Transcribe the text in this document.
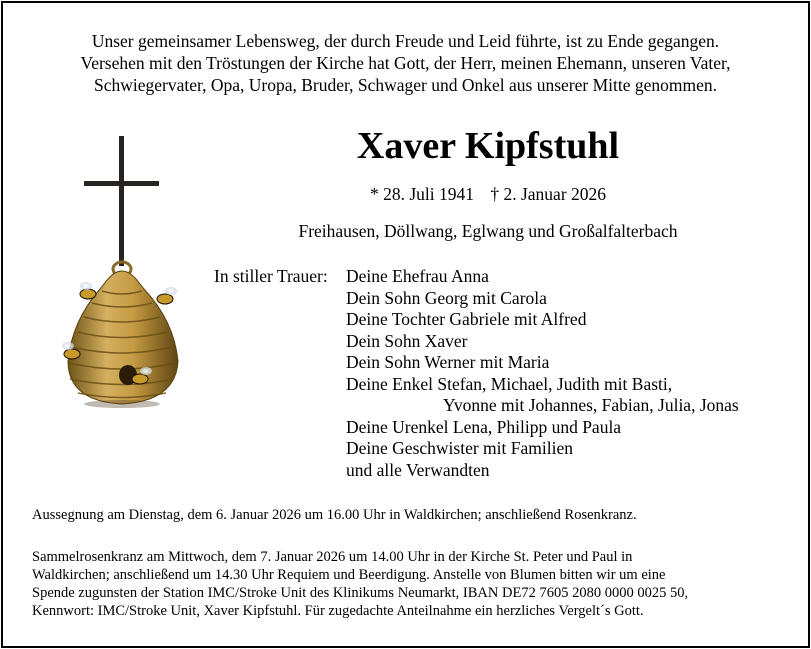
Unser gemeinsamer Lebensweg, der durch Freude und Leid führte, ist zu Ende gegangen.
Versehen mit den Tröstungen der Kirche hat Gott, der Herr, meinen Ehemann, unseren Vater,
Schwiegervater, Opa, Uropa, Bruder, Schwager und Onkel aus unserer Mitte genommen.
Xaver Kipfstuhl
* 28. Juli 1941 † 2. Januar 2026
Freihausen, Döllwang, Eglwang und Großalfalterbach
In stiller Trauer: Deine Ehefrau Anna
Dein Sohn Georg mit Carola
Deine Tochter Gabriele mit Alfred
Dein Sohn Xaver
Dein Sohn Werner mit Maria
Deine Enkel Stefan, Michael, Judith mit Basti,
Yvonne mit Johannes, Fabian, Julia, Jonas
Deine Urenkel Lena, Philipp und Paula
Deine Geschwister mit Familien
und alle Verwandten
Aussegnung am Dienstag, dem 6. Januar 2026 um 16.00 Uhr in Waldkirchen; anschließend Rosenkranz.
Sammelrosenkranz am Mittwoch, dem 7. Januar 2026 um 14.00 Uhr in der Kirche St. Peter und Paul in
Waldkirchen; anschließend um 14.30 Uhr Requiem und Beerdigung. Anstelle von Blumen bitten wir um eine
Spende zugunsten der Station IMC/Stroke Unit des Klinikums Neumarkt, IBAN DE72 7605 2080 0000 0025 50,
Kennwort: IMC/Stroke Unit, Xaver Kipfstuhl. Für zugedachte Anteilnahme ein herzliches Vergelt´s Gott.
